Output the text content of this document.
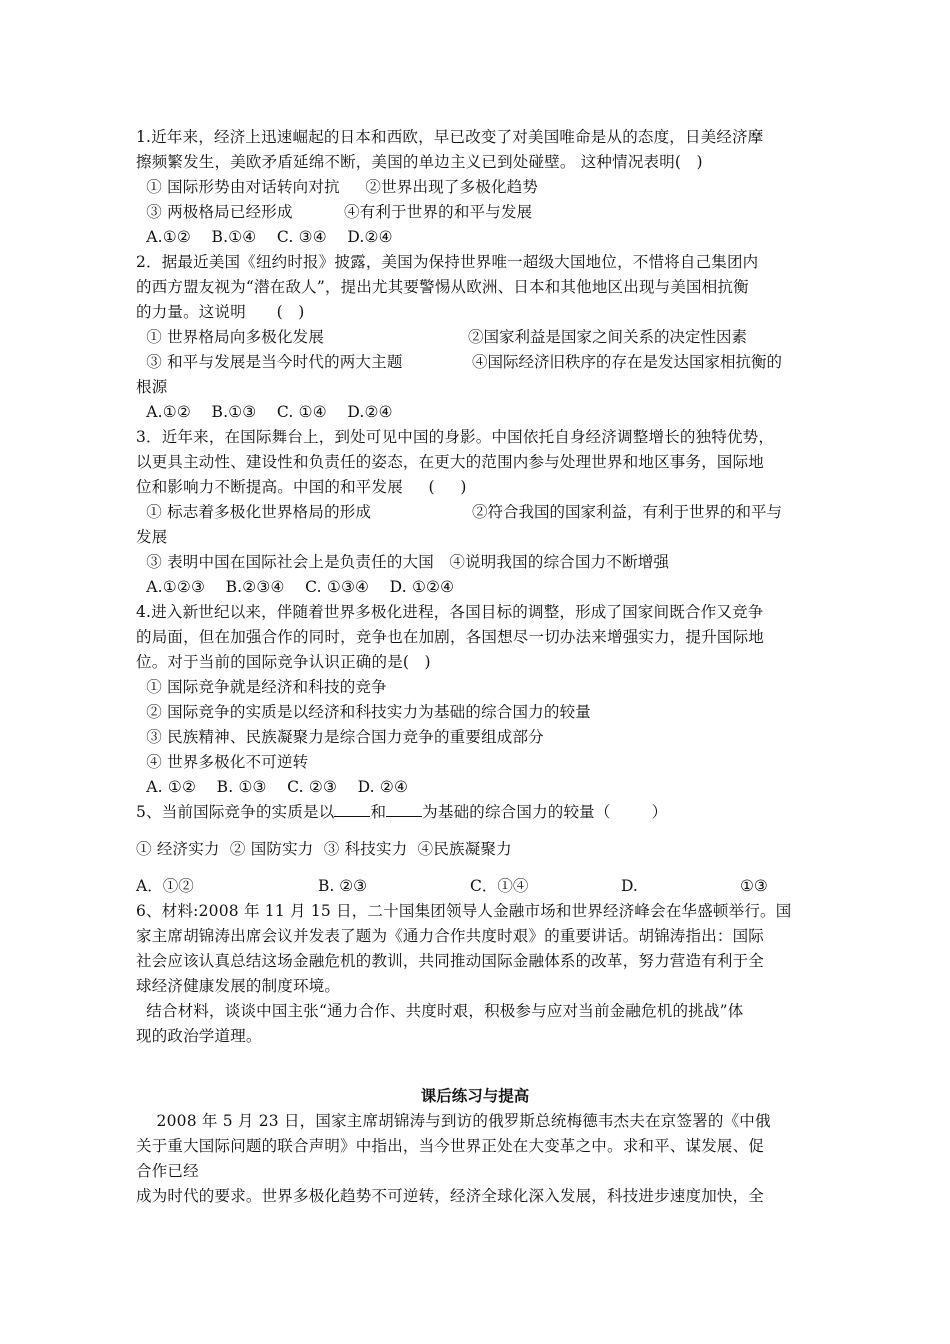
1.近年来，经济上迅速崛起的日本和西欧，早已改变了对美国唯命是从的态度，日美经济摩
擦频繁发生，美欧矛盾延绵不断，美国的单边主义已到处碰壁。 这种情况表明(   )
① 国际形势由对话转向对抗     ②世界出现了多极化趋势
③ 两极格局已经形成          ④有利于世界的和平与发展
A.①②    B.①④    C. ③④    D.②④
2．据最近美国《纽约时报》披露，美国为保持世界唯一超级大国地位，不惜将自己集团内
的西方盟友视为“潜在敌人”，提出尤其要警惕从欧洲、日本和其他地区出现与美国相抗衡
的力量。这说明      (   )
① 世界格局向多极化发展	②国家利益是国家之间关系的决定性因素
③ 和平与发展是当今时代的两大主题	④国际经济旧秩序的存在是发达国家相抗衡的
根源
A.①②    B.①③    C. ①④    D.②④
3．近年来，在国际舞台上，到处可见中国的身影。中国依托自身经济调整增长的独特优势，
以更具主动性、建设性和负责任的姿态，在更大的范围内参与处理世界和地区事务，国际地
位和影响力不断提高。中国的和平发展     (     )
① 标志着多极化世界格局的形成	②符合我国的国家利益，有利于世界的和平与
发展
③ 表明中国在国际社会上是负责任的大国   ④说明我国的综合国力不断增强
A.①②③    B.②③④    C. ①③④    D. ①②④
4.进入新世纪以来，伴随着世界多极化进程，各国目标的调整，形成了国家间既合作又竞争
的局面，但在加强合作的同时，竞争也在加剧，各国想尽一切办法来增强实力，提升国际地
位。对于当前的国际竞争认识正确的是(   )
① 国际竞争就是经济和科技的竞争
② 国际竞争的实质是以经济和科技实力为基础的综合国力的较量
③ 民族精神、民族凝聚力是综合国力竞争的重要组成部分
④ 世界多极化不可逆转
A. ①②    B. ①③    C. ②③    D. ②④
5、当前国际竞争的实质是以 和 为基础的综合国力的较量（        ）
① 经济实力  ② 国防实力  ③ 科技实力  ④民族凝聚力
A．①②	B. ②③	C．①④	D.	①③
6、材料:2008 年 11 月 15 日，二十国集团领导人金融市场和世界经济峰会在华盛顿举行。国
家主席胡锦涛出席会议并发表了题为《通力合作共度时艰》的重要讲话。胡锦涛指出：国际
社会应该认真总结这场金融危机的教训，共同推动国际金融体系的改革，努力营造有利于全
球经济健康发展的制度环境。
结合材料，谈谈中国主张“通力合作、共度时艰，积极参与应对当前金融危机的挑战”体
现的政治学道理。
课后练习与提高
2008 年 5 月 23 日，国家主席胡锦涛与到访的俄罗斯总统梅德韦杰夫在京签署的《中俄
关于重大国际问题的联合声明》中指出，当今世界正处在大变革之中。求和平、谋发展、促
合作已经
成为时代的要求。世界多极化趋势不可逆转，经济全球化深入发展，科技进步速度加快，全
